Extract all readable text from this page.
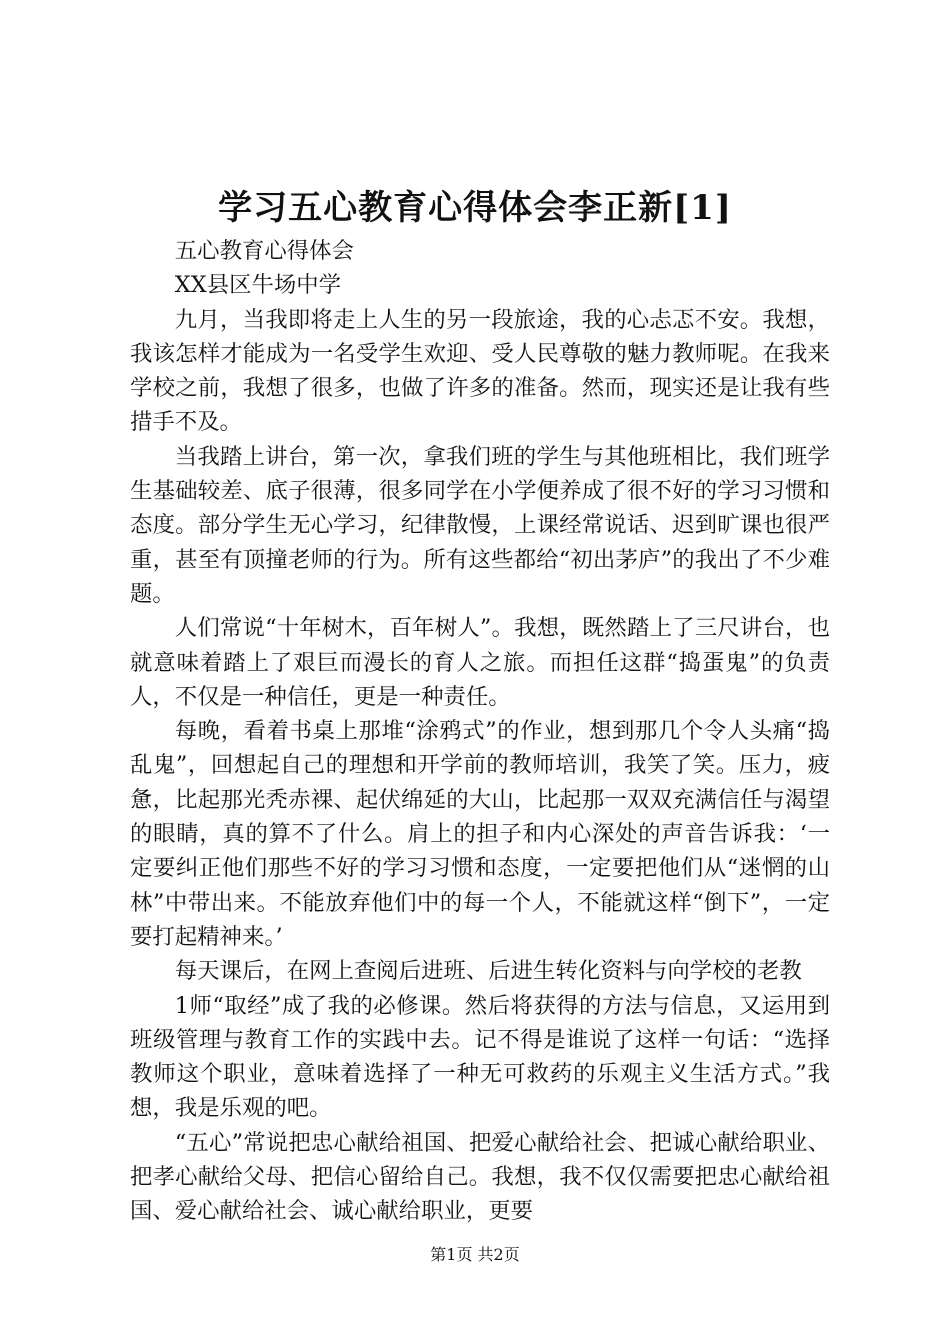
学习五心教育心得体会李正新[1]

五心教育心得体会

XX县区牛场中学

九月，当我即将走上人生的另一段旅途，我的心忐忑不安。我想，我该怎样才能成为一名受学生欢迎、受人民尊敬的魅力教师呢。在我来学校之前，我想了很多，也做了许多的准备。然而，现实还是让我有些措手不及。

当我踏上讲台，第一次，拿我们班的学生与其他班相比，我们班学生基础较差、底子很薄，很多同学在小学便养成了很不好的学习习惯和态度。部分学生无心学习，纪律散慢，上课经常说话、迟到旷课也很严重，甚至有顶撞老师的行为。所有这些都给“初出茅庐”的我出了不少难题。

人们常说“十年树木，百年树人”。我想，既然踏上了三尺讲台，也就意味着踏上了艰巨而漫长的育人之旅。而担任这群“捣蛋鬼”的负责人，不仅是一种信任，更是一种责任。

每晚，看着书桌上那堆“涂鸦式”的作业，想到那几个令人头痛“捣乱鬼”，回想起自己的理想和开学前的教师培训，我笑了笑。压力，疲惫，比起那光秃赤裸、起伏绵延的大山，比起那一双双充满信任与渴望的眼睛，真的算不了什么。肩上的担子和内心深处的声音告诉我：‘一定要纠正他们那些不好的学习习惯和态度，一定要把他们从“迷惘的山林”中带出来。不能放弃他们中的每一个人，不能就这样“倒下”，一定要打起精神来。’

每天课后，在网上查阅后进班、后进生转化资料与向学校的老教

1师“取经”成了我的必修课。然后将获得的方法与信息，又运用到班级管理与教育工作的实践中去。记不得是谁说了这样一句话：“选择教师这个职业，意味着选择了一种无可救药的乐观主义生活方式。”我想，我是乐观的吧。

“五心”常说把忠心献给祖国、把爱心献给社会、把诚心献给职业、把孝心献给父母、把信心留给自己。我想，我不仅仅需要把忠心献给祖国、爱心献给社会、诚心献给职业，更要

第1页 共2页
